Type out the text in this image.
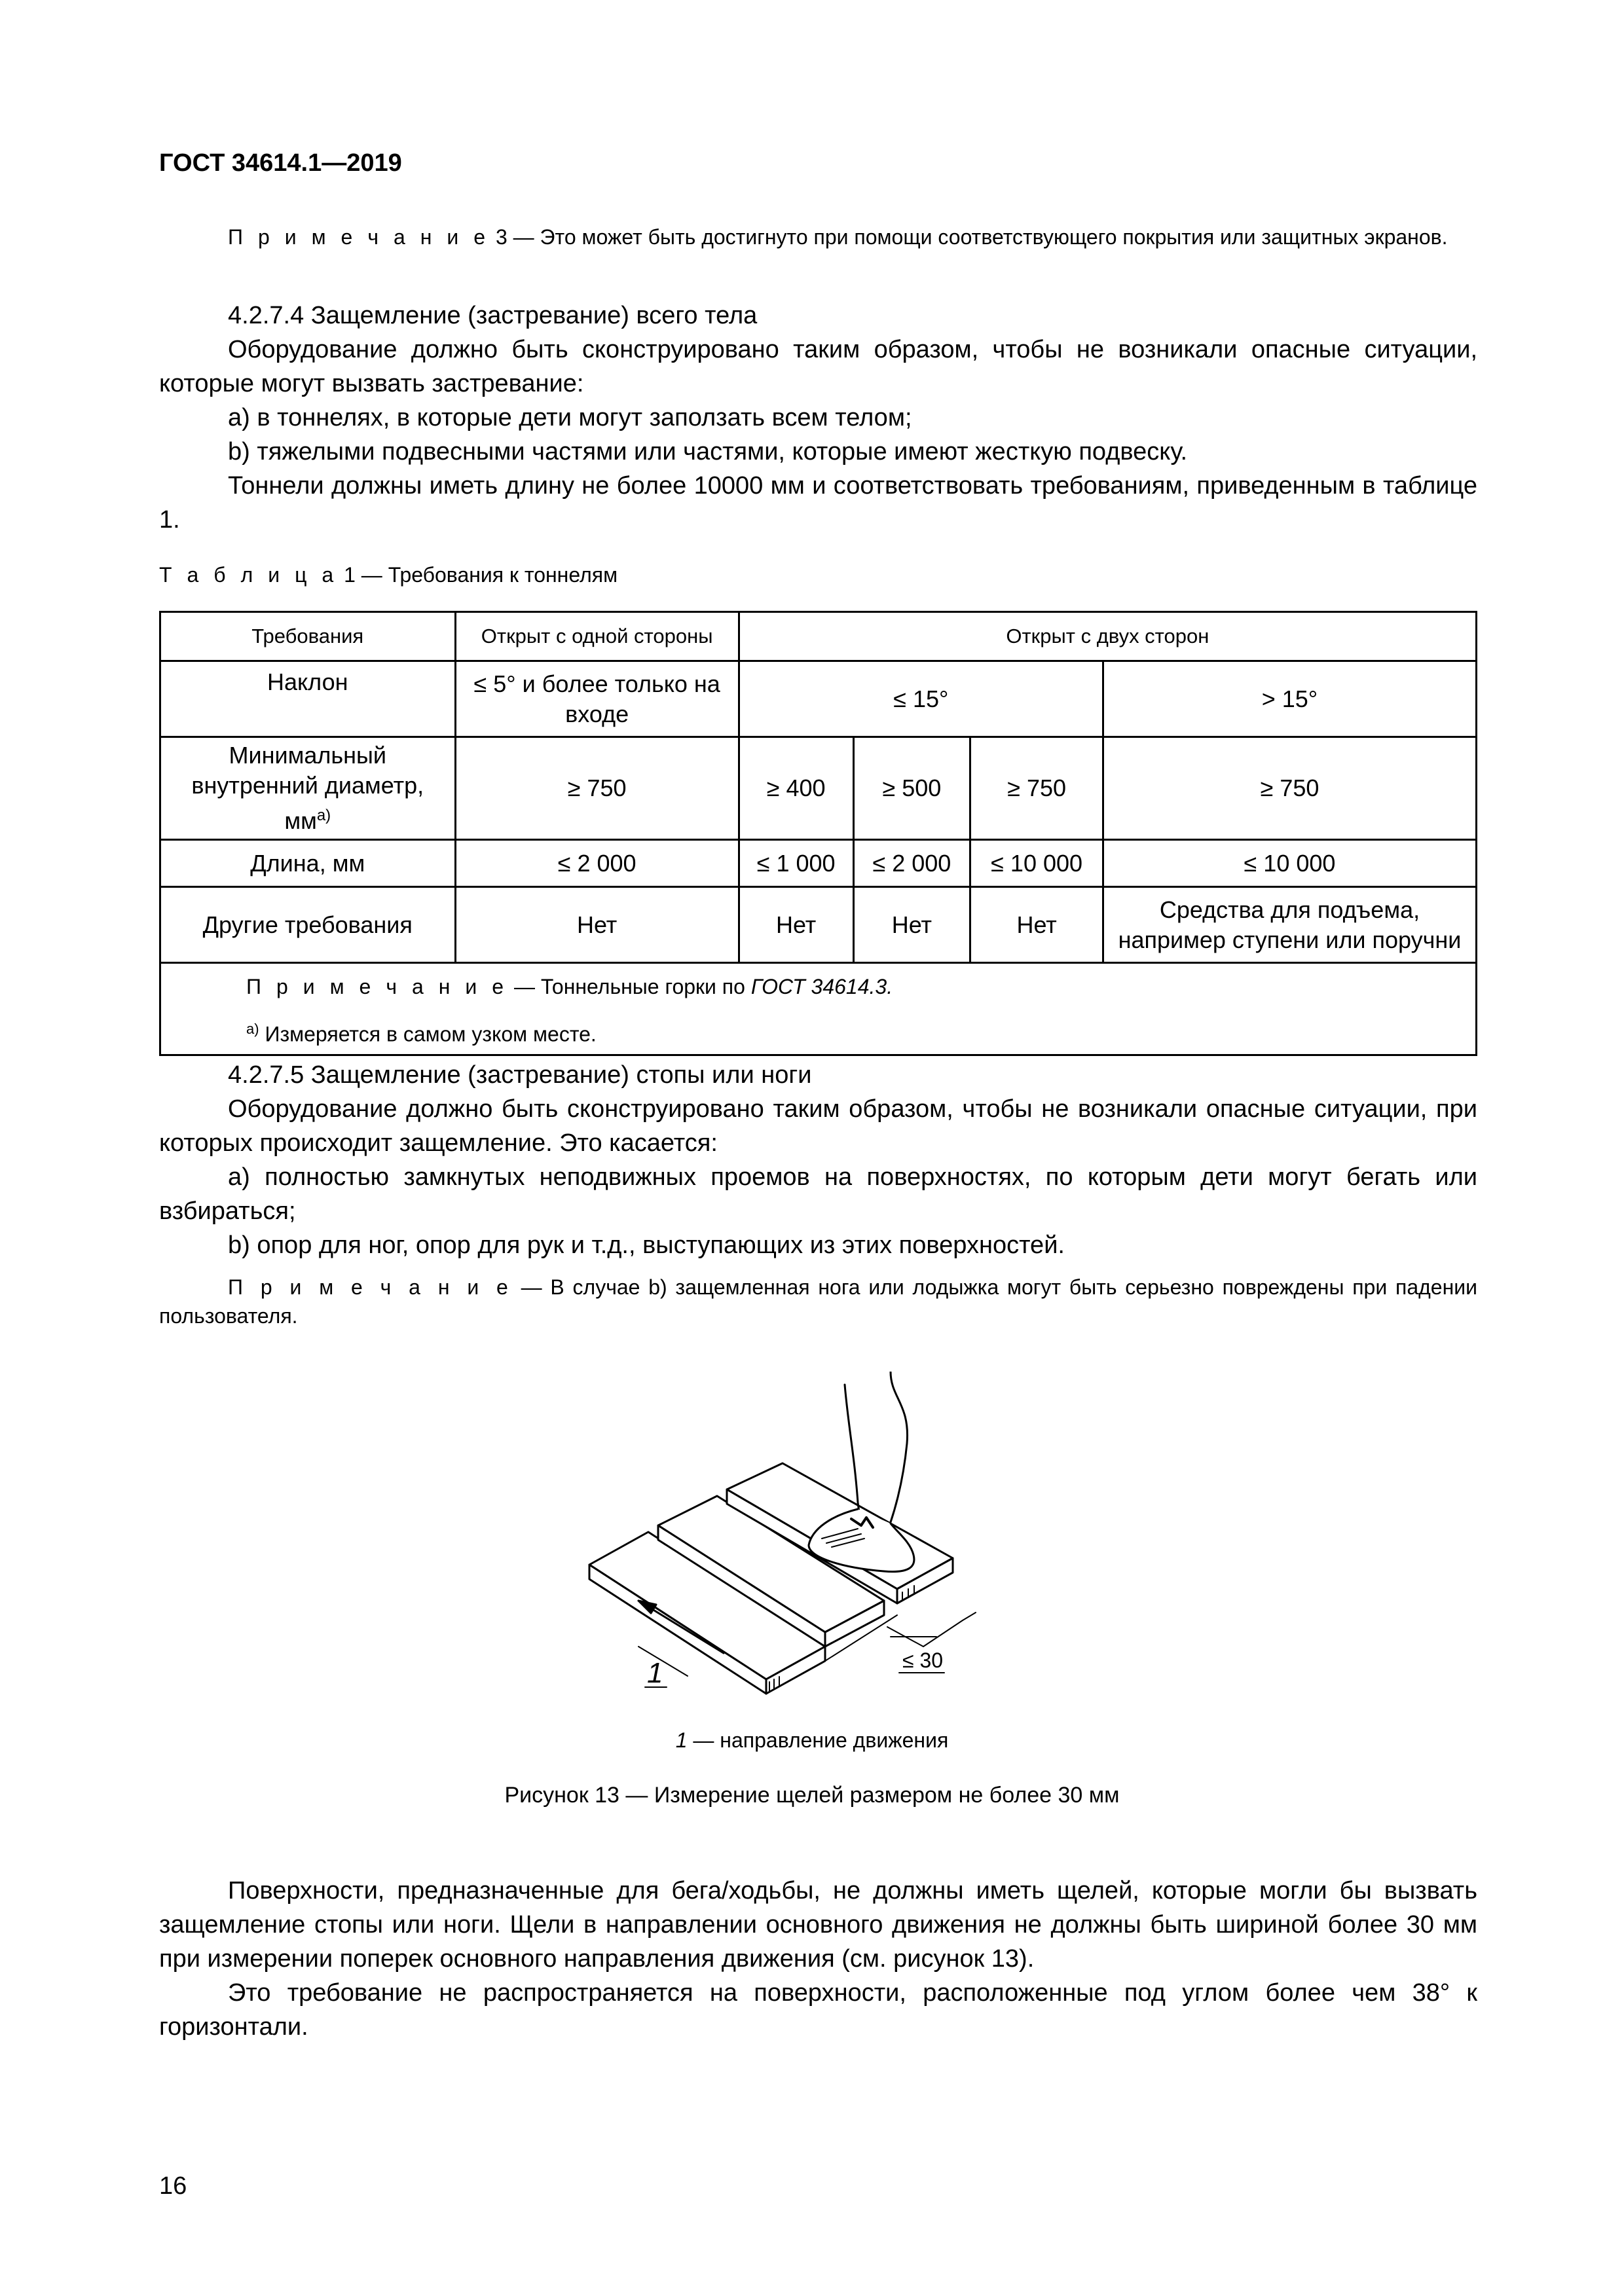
ГОСТ 34614.1—2019
П р и м е ч а н и е 3 — Это может быть достигнуто при помощи соответствующего покрытия или защитных экранов.
4.2.7.4 Защемление (застревание) всего тела
Оборудование должно быть сконструировано таким образом, чтобы не возникали опасные ситуации, которые могут вызвать застревание:
а) в тоннелях, в которые дети могут заползать всем телом;
b) тяжелыми подвесными частями или частями, которые имеют жесткую подвеску.
Тоннели должны иметь длину не более 10000 мм и соответствовать требованиям, приведенным в таблице 1.
Т а б л и ц а 1 — Требования к тоннелям
Требования	Открыт с одной стороны	Открыт с двух сторон			
Наклон	≤ 5° и более только на входе	≤ 15°			> 15°
Минимальный внутренний диаметр, $мм^{a)}$	≥ 750	≥ 400	≥ 500	≥ 750	≥ 750
Длина, мм	≤ 2 000	≤ 1 000	≤ 2 000	≤ 10 000	≤ 10 000
Другие требования	Нет	Нет	Нет	Нет	Средства для подъема, например ступени или поручни
П р и м е ч а н и е — Тоннельные горки по ГОСТ 34614.3.					
$^{a)}$ Измеряется в самом узком месте.					
4.2.7.5 Защемление (застревание) стопы или ноги
Оборудование должно быть сконструировано таким образом, чтобы не возникали опасные ситуации, при которых происходит защемление. Это касается:
а) полностью замкнутых неподвижных проемов на поверхностях, по которым дети могут бегать или взбираться;
b) опор для ног, опор для рук и т.д., выступающих из этих поверхностей.
П р и м е ч а н и е — В случае b) защемленная нога или лодыжка могут быть серьезно повреждены при падении пользователя.
1	≤ 30
1 — направление движения
Рисунок 13 — Измерение щелей размером не более 30 мм
Поверхности, предназначенные для бега/ходьбы, не должны иметь щелей, которые могли бы вызвать защемление стопы или ноги. Щели в направлении основного движения не должны быть шириной более 30 мм при измерении поперек основного направления движения (см. рисунок 13).
Это требование не распространяется на поверхности, расположенные под углом более чем 38° к горизонтали.
16
